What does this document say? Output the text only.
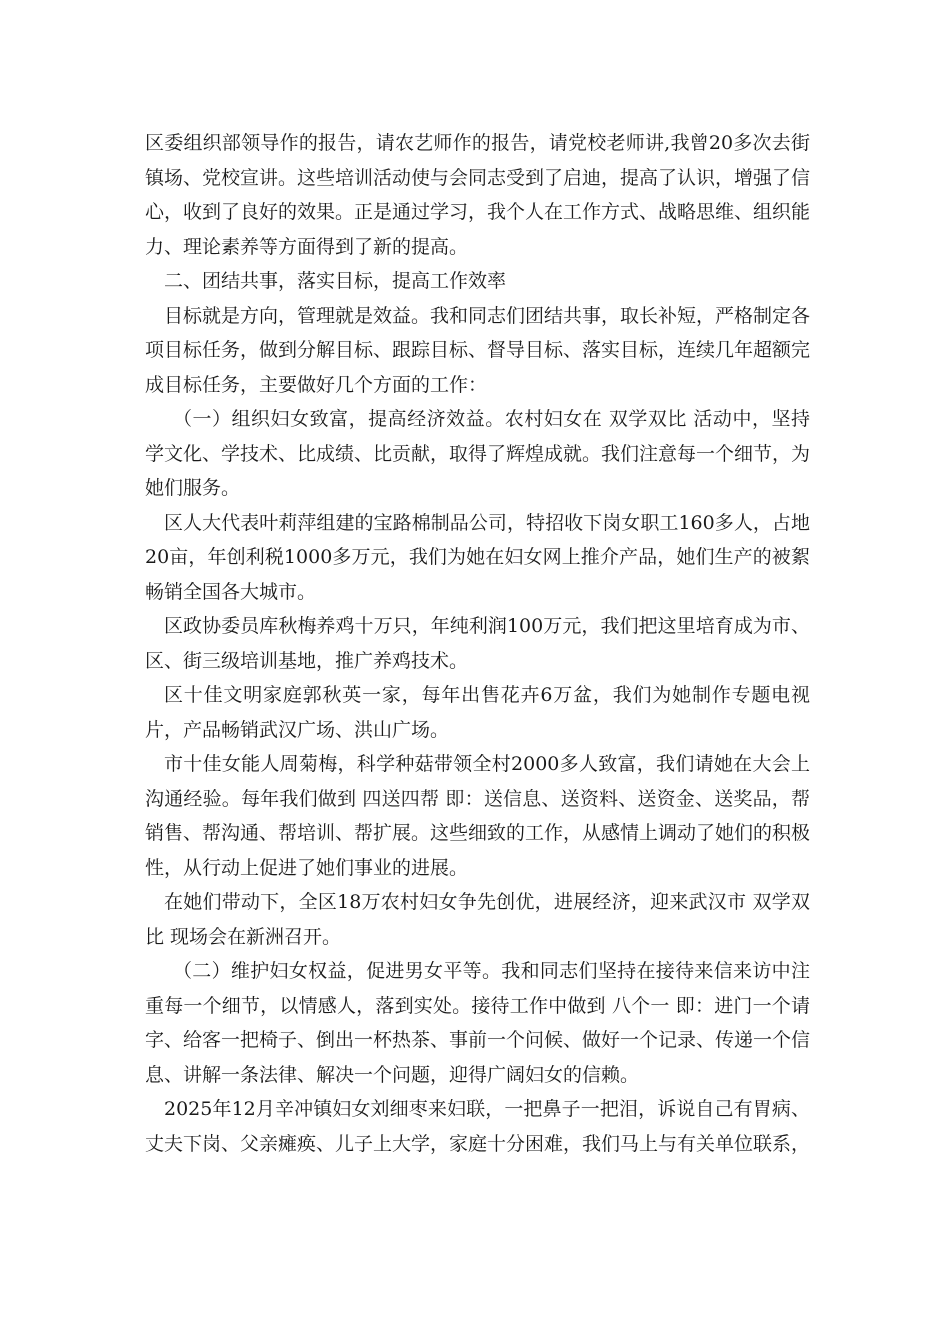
区委组织部领导作的报告，请农艺师作的报告，请党校老师讲,我曾20多次去街镇场、党校宣讲。这些培训活动使与会同志受到了启迪，提高了认识，增强了信心，收到了良好的效果。正是通过学习，我个人在工作方式、战略思维、组织能力、理论素养等方面得到了新的提高。

二、团结共事，落实目标，提高工作效率

目标就是方向，管理就是效益。我和同志们团结共事，取长补短，严格制定各项目标任务，做到分解目标、跟踪目标、督导目标、落实目标，连续几年超额完成目标任务，主要做好几个方面的工作：

（一）组织妇女致富，提高经济效益。农村妇女在 双学双比 活动中，坚持学文化、学技术、比成绩、比贡献，取得了辉煌成就。我们注意每一个细节，为她们服务。

区人大代表叶莉萍组建的宝路棉制品公司，特招收下岗女职工160多人，占地20亩，年创利税1000多万元，我们为她在妇女网上推介产品，她们生产的被絮畅销全国各大城市。

区政协委员库秋梅养鸡十万只，年纯利润100万元，我们把这里培育成为市、区、街三级培训基地，推广养鸡技术。

区十佳文明家庭郭秋英一家，每年出售花卉6万盆，我们为她制作专题电视片，产品畅销武汉广场、洪山广场。

市十佳女能人周菊梅，科学种菇带领全村2000多人致富，我们请她在大会上沟通经验。每年我们做到 四送四帮 即：送信息、送资料、送资金、送奖品，帮销售、帮沟通、帮培训、帮扩展。这些细致的工作，从感情上调动了她们的积极性，从行动上促进了她们事业的进展。

在她们带动下，全区18万农村妇女争先创优，进展经济，迎来武汉市 双学双比 现场会在新洲召开。

（二）维护妇女权益，促进男女平等。我和同志们坚持在接待来信来访中注重每一个细节，以情感人，落到实处。接待工作中做到 八个一 即：进门一个请字、给客一把椅子、倒出一杯热茶、事前一个问候、做好一个记录、传递一个信息、讲解一条法律、解决一个问题，迎得广阔妇女的信赖。

2025年12月辛冲镇妇女刘细枣来妇联，一把鼻子一把泪，诉说自己有胃病、丈夫下岗、父亲瘫痪、儿子上大学，家庭十分困难，我们马上与有关单位联系，
